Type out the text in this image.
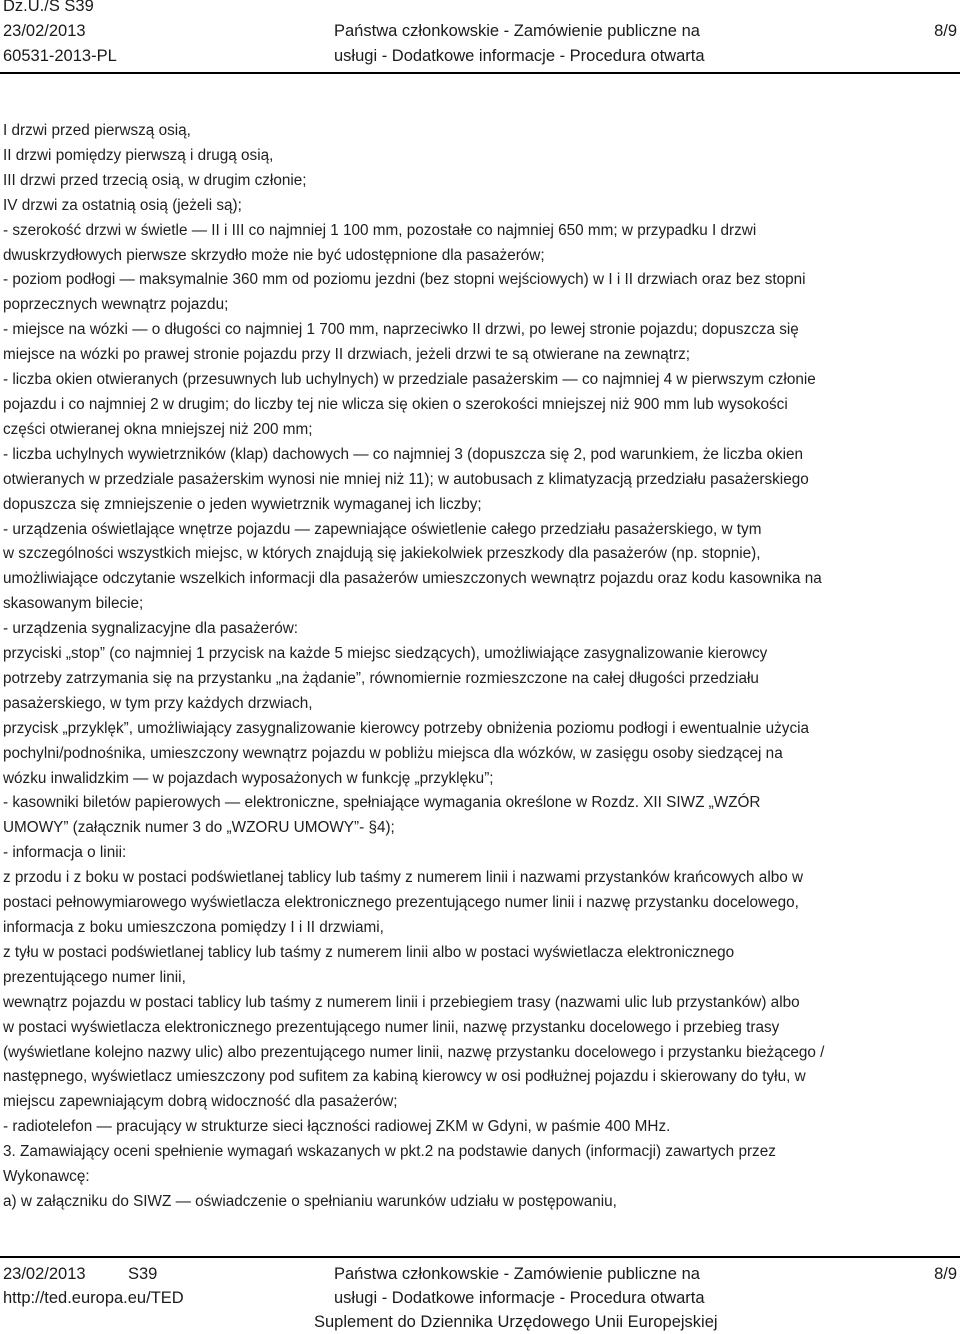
Dz.U./S S39
23/02/2013
60531-2013-PL
Państwa członkowskie - Zamówienie publiczne na
usługi - Dodatkowe informacje - Procedura otwarta
8/9
I drzwi przed pierwszą osią,
II drzwi pomiędzy pierwszą i drugą osią,
III drzwi przed trzecią osią, w drugim członie;
IV drzwi za ostatnią osią (jeżeli są);
- szerokość drzwi w świetle — II i III co najmniej 1 100 mm, pozostałe co najmniej 650 mm; w przypadku I drzwi
dwuskrzydłowych pierwsze skrzydło może nie być udostępnione dla pasażerów;
- poziom podłogi — maksymalnie 360 mm od poziomu jezdni (bez stopni wejściowych) w I i II drzwiach oraz bez stopni
poprzecznych wewnątrz pojazdu;
- miejsce na wózki — o długości co najmniej 1 700 mm, naprzeciwko II drzwi, po lewej stronie pojazdu; dopuszcza się
miejsce na wózki po prawej stronie pojazdu przy II drzwiach, jeżeli drzwi te są otwierane na zewnątrz;
- liczba okien otwieranych (przesuwnych lub uchylnych) w przedziale pasażerskim — co najmniej 4 w pierwszym członie
pojazdu i co najmniej 2 w drugim; do liczby tej nie wlicza się okien o szerokości mniejszej niż 900 mm lub wysokości
części otwieranej okna mniejszej niż 200 mm;
- liczba uchylnych wywietrzników (klap) dachowych — co najmniej 3 (dopuszcza się 2, pod warunkiem, że liczba okien
otwieranych w przedziale pasażerskim wynosi nie mniej niż 11); w autobusach z klimatyzacją przedziału pasażerskiego
dopuszcza się zmniejszenie o jeden wywietrznik wymaganej ich liczby;
- urządzenia oświetlające wnętrze pojazdu — zapewniające oświetlenie całego przedziału pasażerskiego, w tym
w szczególności wszystkich miejsc, w których znajdują się jakiekolwiek przeszkody dla pasażerów (np. stopnie),
umożliwiające odczytanie wszelkich informacji dla pasażerów umieszczonych wewnątrz pojazdu oraz kodu kasownika na
skasowanym bilecie;
- urządzenia sygnalizacyjne dla pasażerów:
przyciski „stop” (co najmniej 1 przycisk na każde 5 miejsc siedzących), umożliwiające zasygnalizowanie kierowcy
potrzeby zatrzymania się na przystanku „na żądanie”, równomiernie rozmieszczone na całej długości przedziału
pasażerskiego, w tym przy każdych drzwiach,
przycisk „przyklęk”, umożliwiający zasygnalizowanie kierowcy potrzeby obniżenia poziomu podłogi i ewentualnie użycia
pochylni/podnośnika, umieszczony wewnątrz pojazdu w pobliżu miejsca dla wózków, w zasięgu osoby siedzącej na
wózku inwalidzkim — w pojazdach wyposażonych w funkcję „przyklęku”;
- kasowniki biletów papierowych — elektroniczne, spełniające wymagania określone w Rozdz. XII SIWZ „WZÓR
UMOWY” (załącznik numer 3 do „WZORU UMOWY”- §4);
- informacja o linii:
z przodu i z boku w postaci podświetlanej tablicy lub taśmy z numerem linii i nazwami przystanków krańcowych albo w
postaci pełnowymiarowego wyświetlacza elektronicznego prezentującego numer linii i nazwę przystanku docelowego,
informacja z boku umieszczona pomiędzy I i II drzwiami,
z tyłu w postaci podświetlanej tablicy lub taśmy z numerem linii albo w postaci wyświetlacza elektronicznego
prezentującego numer linii,
wewnątrz pojazdu w postaci tablicy lub taśmy z numerem linii i przebiegiem trasy (nazwami ulic lub przystanków) albo
w postaci wyświetlacza elektronicznego prezentującego numer linii, nazwę przystanku docelowego i przebieg trasy
(wyświetlane kolejno nazwy ulic) albo prezentującego numer linii, nazwę przystanku docelowego i przystanku bieżącego /
następnego, wyświetlacz umieszczony pod sufitem za kabiną kierowcy w osi podłużnej pojazdu i skierowany do tyłu, w
miejscu zapewniającym dobrą widoczność dla pasażerów;
- radiotelefon — pracujący w strukturze sieci łączności radiowej ZKM w Gdyni, w paśmie 400 MHz.
3. Zamawiający oceni spełnienie wymagań wskazanych w pkt.2 na podstawie danych (informacji) zawartych przez
Wykonawcę:
a) w załączniku do SIWZ — oświadczenie o spełnianiu warunków udziału w postępowaniu,
23/02/2013	S39
http://ted.europa.eu/TED
Państwa członkowskie - Zamówienie publiczne na
usługi - Dodatkowe informacje - Procedura otwarta
Suplement do Dziennika Urzędowego Unii Europejskiej
8/9
